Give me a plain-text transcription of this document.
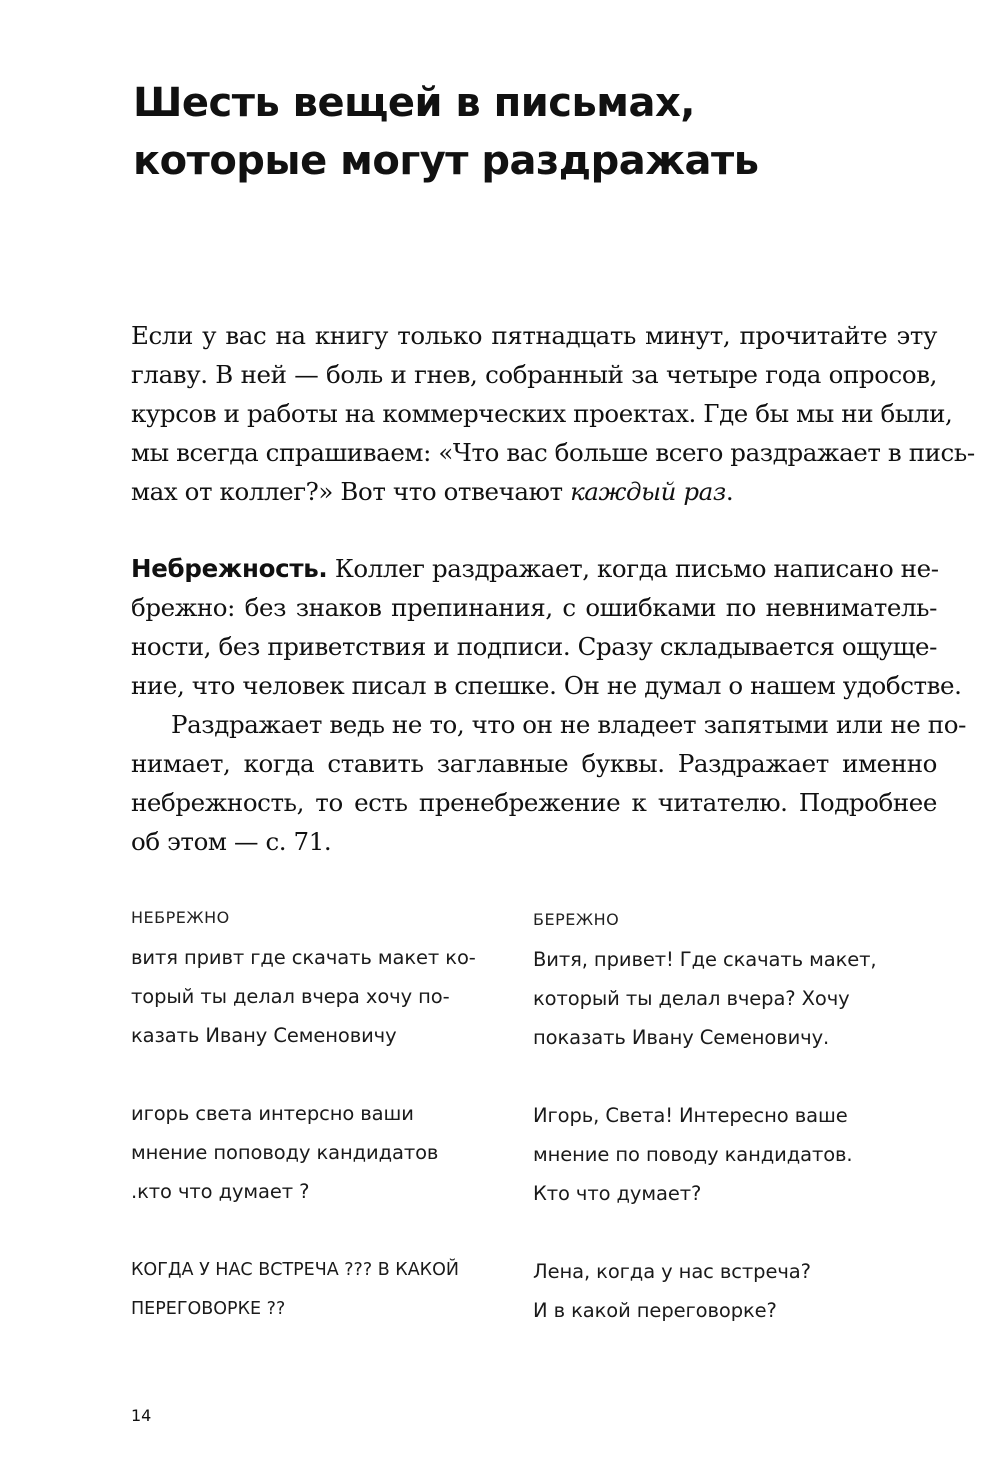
Шесть вещей в письмах,
которые могут раздражать

Если у вас на книгу только пятнадцать минут, прочитайте эту
главу. В ней — боль и гнев, собранный за четыре года опросов,
курсов и работы на коммерческих проектах. Где бы мы ни были,
мы всегда спрашиваем: «Что вас больше всего раздражает в пись-
мах от коллег?» Вот что отвечают каждый раз.

Небрежность. Коллег раздражает, когда письмо написано не-
брежно: без знаков препинания, с ошибками по невниматель-
ности, без приветствия и подписи. Сразу складывается ощуще-
ние, что человек писал в спешке. Он не думал о нашем удобстве.

Раздражает ведь не то, что он не владеет запятыми или не по-
нимает, когда ставить заглавные буквы. Раздражает именно
небрежность, то есть пренебрежение к читателю. Подробнее
об этом — с. 71.

НЕБРЕЖНО	БЕРЕЖНО

витя привт где скачать макет ко-
торый ты делал вчера хочу по-
казать Ивану Семеновичу
Витя, привет! Где скачать макет,
который ты делал вчера? Хочу
показать Ивану Семеновичу.
игорь света интерсно ваши
мнение поповоду кандидатов
.кто что думает ?
Игорь, Света! Интересно ваше
мнение по поводу кандидатов.
Кто что думает?
КОГДА У НАС ВСТРЕЧА ??? В КАКОЙ
ПЕРЕГОВОРКЕ ??
Лена, когда у нас встреча?
И в какой переговорке?
14
